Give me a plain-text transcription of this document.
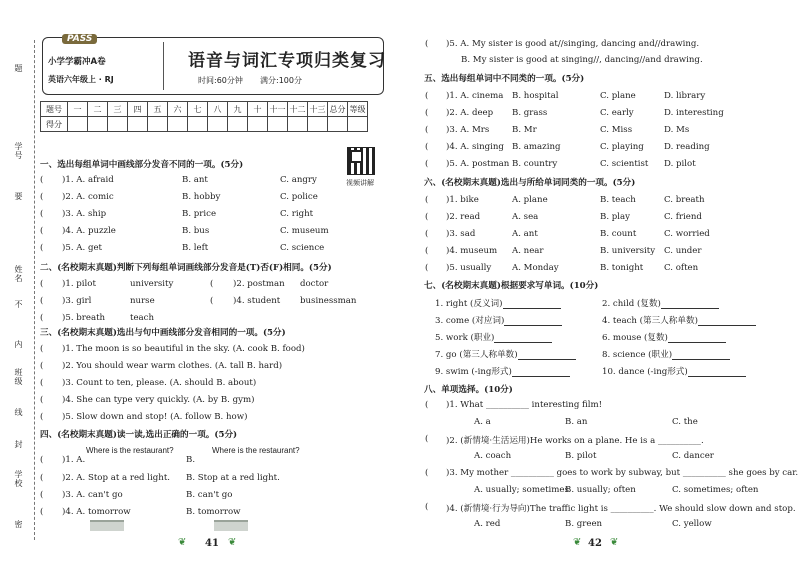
题
学号
要
姓名
不
内
班级
线
学校
封
密
PASS
小学学霸冲A卷
英语六年级上 · RJ
语音与词汇专项归类复习
时间:60分钟 满分:100分
题号	一	二	三	四	五	六	七	八	九	十	十一	十二	十三	总分	等级
得分															
视频讲解
一、选出每组单词中画线部分发音不同的一项。(5分)
二、(名校期末真题)判断下列每组单词画线部分发音是(T)否(F)相同。(5分)
三、(名校期末真题)选出与句中画线部分发音相同的一项。(5分)
四、(名校期末真题)读一读,选出正确的一项。(5分)
Where is the restaurant?	Where is the restaurant?
❦ 41 ❦
( )5. A. My sister is good at//singing, dancing and//drawing.
B. My sister is good at singing//, dancing//and drawing.
五、选出每组单词中不同类的一项。(5分)
六、(名校期末真题)选出与所给单词同类的一项。(5分)
七、(名校期末真题)根据要求写单词。(10分)
八、单项选择。(10分)
❦ 42 ❦
( )1. A. afraid	B. ant	C. angry
( )2. A. comic	B. hobby	C. police
( )3. A. ship	B. price	C. right
( )4. A. puzzle	B. bus	C. museum
( )5. A. get	B. left	C. science
( )1. pilot	university	( )2. postman doctor
( )3. girl	nurse	( )4. student businessman
( )5. breath	teach
( )1. The moon is so beautiful in the sky. (A. cook B. food)
( )2. You should wear warm clothes. (A. tall B. hard)
( )3. Count to ten, please. (A. should B. about)
( )4. She can type very quickly. (A. by B. gym)
( )5. Slow down and stop! (A. follow B. how)
( )1. A.	B.
( )2. A. Stop at a red light. B. Stop at a red light.
( )3. A. can't go	B. can't go
( )4. A. tomorrow	B. tomorrow
( )1. A. cinema B. hospital	C. plane	D. library
( )2. A. deep B. grass	C. early	D. interesting
( )3. A. Mrs	B. Mr	C. Miss	D. Ms
( )4. A. singing B. amazing	C. playing D. reading
( )5. A. postman B. country	C. scientist D. pilot
( )1. bike	A. plane	B. teach	C. breath
( )2. read	A. sea	B. play	C. friend
( )3. sad	A. ant	B. count	C. worried
( )4. museum A. near	B. university C. under
( )5. usually A. Monday	B. tonight C. often
1. right (反义词)	2. child (复数)
3. come (对应词)	4. teach (第三人称单数)
5. work (职业)	6. mouse (复数)
7. go (第三人称单数)	8. science (职业)
9. swim (-ing形式)	10. dance (-ing形式)
( )1. What __________ interesting film!
A. a	B. an	C. the
( )2. (新情境·生活运用)He works on a plane. He is a __________.
A. coach	B. pilot	C. dancer
( )3. My mother __________ goes to work by subway, but __________ she goes by car.
A. usually; sometimes
B. usually; often	C. sometimes; often
( )4. (新情境·行为导向)The traffic light is __________. We should slow down and stop.
A. red	B. green	C. yellow
